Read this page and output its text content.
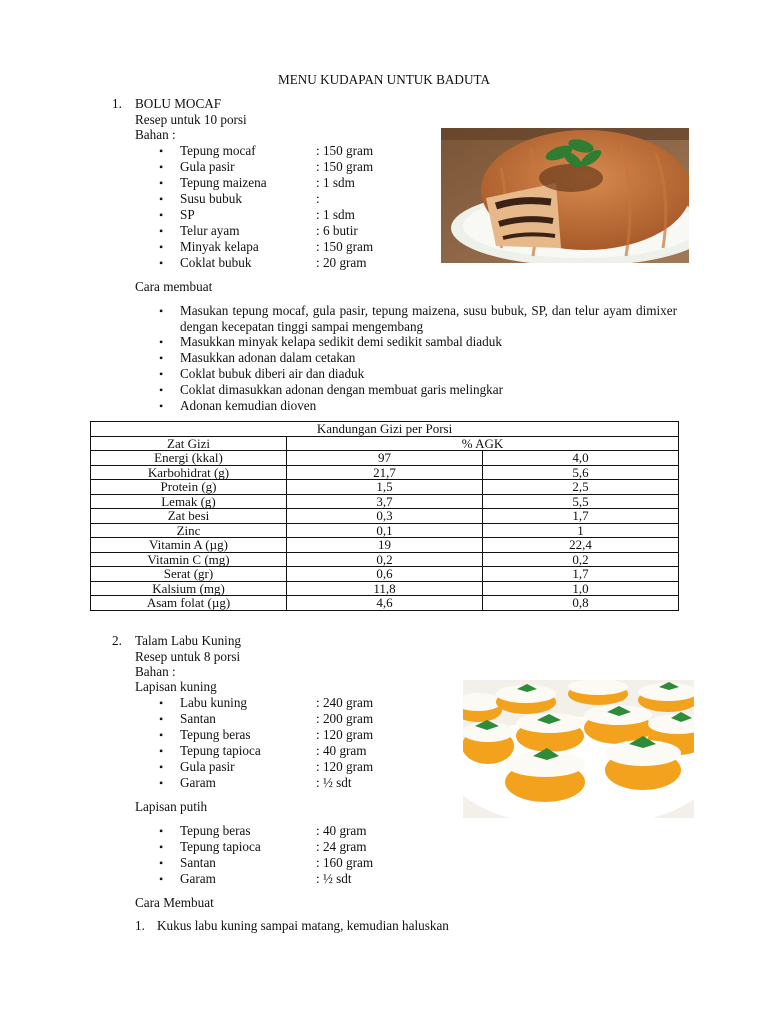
MENU KUDAPAN UNTUK BADUTA
1. BOLU MOCAF
Resep untuk 10 porsi
Bahan :
• Tepung mocaf	: 150 gram
• Gula pasir	: 150 gram
• Tepung maizena	: 1 sdm
• Susu bubuk	:
• SP	: 1 sdm
• Telur ayam	: 6 butir
• Minyak kelapa	: 150 gram
• Coklat bubuk	: 20 gram
Cara membuat
• Masukan tepung mocaf, gula pasir, tepung maizena, susu bubuk, SP, dan telur ayam dimixer dengan kecepatan tinggi sampai mengembang
• Masukkan minyak kelapa sedikit demi sedikit sambal diaduk
• Masukkan adonan dalam cetakan
• Coklat bubuk diberi air dan diaduk
• Coklat dimasukkan adonan dengan membuat garis melingkar
• Adonan kemudian dioven
Kandungan Gizi per Porsi		
Zat Gizi	% AGK	
Energi (kkal)	97	4,0
Karbohidrat (g)	21,7	5,6
Protein (g)	1,5	2,5
Lemak (g)	3,7	5,5
Zat besi	0,3	1,7
Zinc	0,1	1
Vitamin A (µg)	19	22,4
Vitamin C (mg)	0,2	0,2
Serat (gr)	0,6	1,7
Kalsium (mg)	11,8	1,0
Asam folat (µg)	4,6	0,8
2. Talam Labu Kuning
Resep untuk 8 porsi
Bahan :
Lapisan kuning
• Labu kuning	: 240 gram
• Santan	: 200 gram
• Tepung beras	: 120 gram
• Tepung tapioca	: 40 gram
• Gula pasir	: 120 gram
• Garam	: ½ sdt
Lapisan putih
• Tepung beras	: 40 gram
• Tepung tapioca	: 24 gram
• Santan	: 160 gram
• Garam	: ½ sdt
Cara Membuat
1. Kukus labu kuning sampai matang, kemudian haluskan
